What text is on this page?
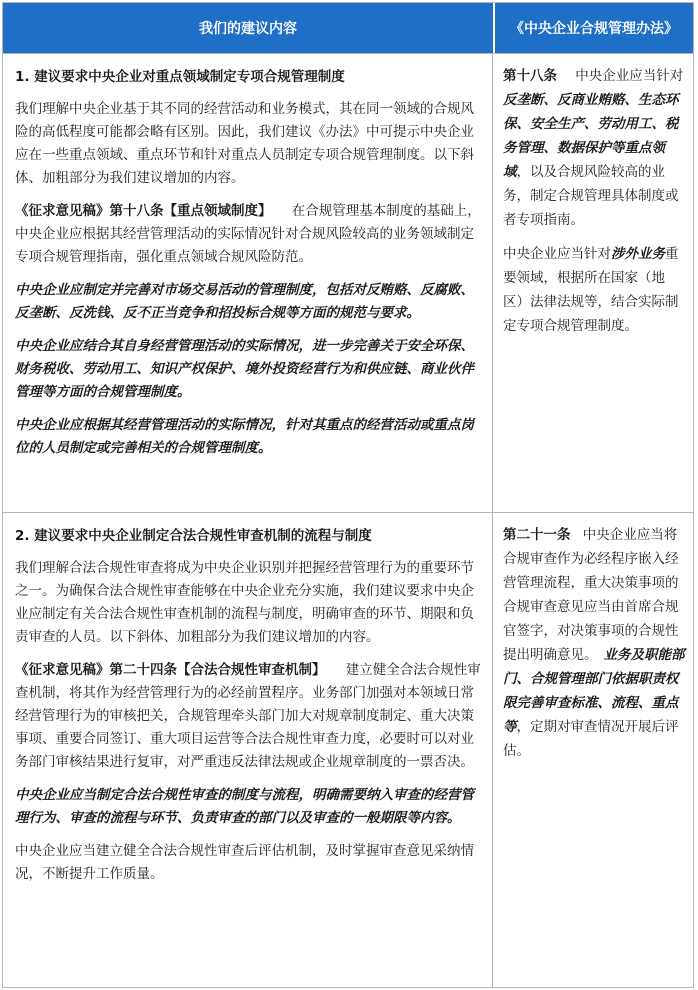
我们的建议内容	《中央企业合规管理办法》
1. 建议要求中央企业对重点领域制定专项合规管理制度

我们理解中央企业基于其不同的经营活动和业务模式，其在同一领域的合规风险的高低程度可能都会略有区别。因此，我们建议《办法》中可提示中央企业应在一些重点领域、重点环节和针对重点人员制定专项合规管理制度。以下斜体、加粗部分为我们建议增加的内容。

《征求意见稿》第十八条【重点领域制度】 在合规管理基本制度的基础上，中央企业应根据其经营管理活动的实际情况针对合规风险较高的业务领域制定专项合规管理指南，强化重点领域合规风险防范。

中央企业应制定并完善对市场交易活动的管理制度，包括对反贿赂、反腐败、反垄断、反洗钱、反不正当竞争和招投标合规等方面的规范与要求。

中央企业应结合其自身经营管理活动的实际情况，进一步完善关于安全环保、财务税收、劳动用工、知识产权保护、境外投资经营行为和供应链、商业伙伴管理等方面的合规管理制度。

中央企业应根据其经营管理活动的实际情况，针对其重点的经营活动或重点岗位的人员制定或完善相关的合规管理制度。

第十八条 中央企业应当针对反垄断、反商业贿赂、生态环保、安全生产、劳动用工、税务管理、数据保护等重点领域，以及合规风险较高的业务，制定合规管理具体制度或者专项指南。

中央企业应当针对涉外业务重要领域，根据所在国家（地区）法律法规等，结合实际制定专项合规管理制度。

2. 建议要求中央企业制定合法合规性审查机制的流程与制度

我们理解合法合规性审查将成为中央企业识别并把握经营管理行为的重要环节之一。为确保合法合规性审查能够在中央企业充分实施，我们建议要求中央企业应制定有关合法合规性审查机制的流程与制度，明确审查的环节、期限和负责审查的人员。以下斜体、加粗部分为我们建议增加的内容。

《征求意见稿》第二十四条【合法合规性审查机制】 建立健全合法合规性审查机制，将其作为经营管理行为的必经前置程序。业务部门加强对本领域日常经营管理行为的审核把关，合规管理牵头部门加大对规章制度制定、重大决策事项、重要合同签订、重大项目运营等合法合规性审查力度，必要时可以对业务部门审核结果进行复审，对严重违反法律法规或企业规章制度的一票否决。

中央企业应当制定合法合规性审查的制度与流程，明确需要纳入审查的经营管理行为、审查的流程与环节、负责审查的部门以及审查的一般期限等内容。

中央企业应当建立健全合法合规性审查后评估机制，及时掌握审查意见采纳情况，不断提升工作质量。

第二十一条 中央企业应当将合规审查作为必经程序嵌入经营管理流程，重大决策事项的合规审查意见应当由首席合规官签字，对决策事项的合规性提出明确意见。 业务及职能部门、合规管理部门依据职责权限完善审查标准、流程、重点等，定期对审查情况开展后评估。
